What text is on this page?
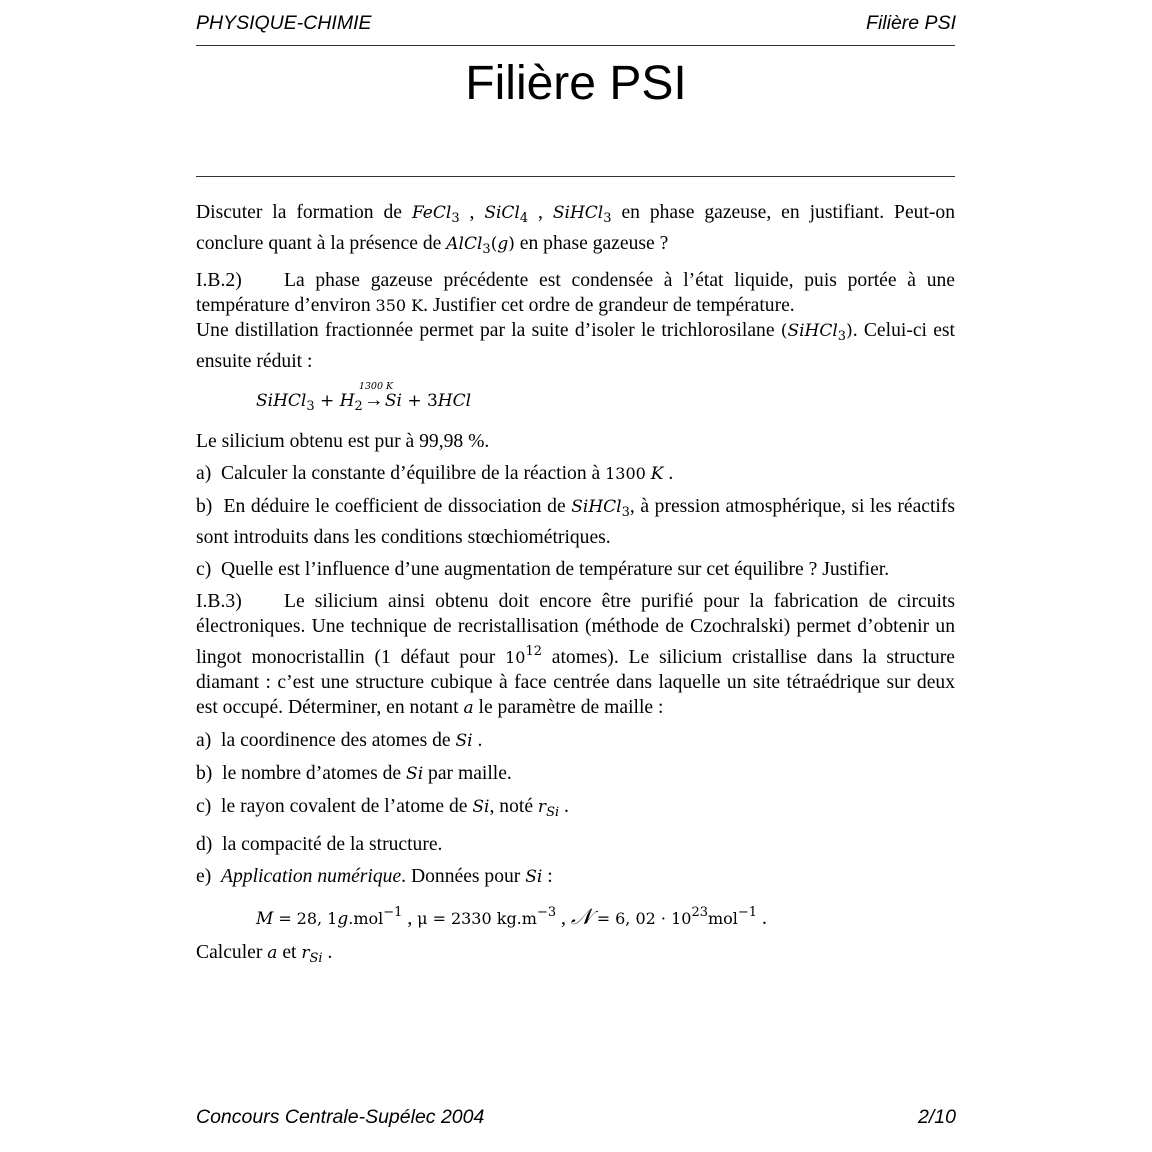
PHYSIQUE-CHIMIE	Filière PSI
Filière PSI

Discuter la formation de FeCl$_3$ , SiCl$_4$ , SiHCl$_3$ en phase gazeuse, en justifiant. Peut-on conclure quant à la présence de AlCl$_3$(g) en phase gazeuse ?

I.B.2) La phase gazeuse précédente est condensée à l’état liquide, puis portée à une température d’environ 350 K. Justifier cet ordre de grandeur de température.

Une distillation fractionnée permet par la suite d’isoler le trichlorosilane (SiHCl$_3$). Celui-ci est ensuite réduit :

SiHCl$_3$ + $H_2$
1300 K
→Si + 3HCl

Le silicium obtenu est pur à 99,98 %.

a) Calculer la constante d’équilibre de la réaction à 1300 K .

b) En déduire le coefficient de dissociation de SiHCl$_3$, à pression atmosphérique, si les réactifs sont introduits dans les conditions stœchiométriques.

c) Quelle est l’influence d’une augmentation de température sur cet équilibre ? Justifier.

I.B.3) Le silicium ainsi obtenu doit encore être purifié pour la fabrication de circuits électroniques. Une technique de recristallisation (méthode de Czochralski) permet d’obtenir un lingot monocristallin (1 défaut pour $10^{12}$ atomes). Le silicium cristallise dans la structure diamant : c’est une structure cubique à face centrée dans laquelle un site tétraédrique sur deux est occupé. Déterminer, en notant a le paramètre de maille :

a) la coordinence des atomes de Si .

b) le nombre d’atomes de Si par maille.

c) le rayon covalent de l’atome de Si, noté $r_{Si}$ .

d) la compacité de la structure.

e) Application numérique. Données pour Si :

M = 28, 1g.mol$^{-1}$ , μ = 2330 $kg.m^{-3}$ , 𝒩 = 6, $02 \cdot 10^{23}mol^{-1}$ .

Calculer a et $r_{Si}$ .

Concours Centrale-Supélec 2004	2/10
